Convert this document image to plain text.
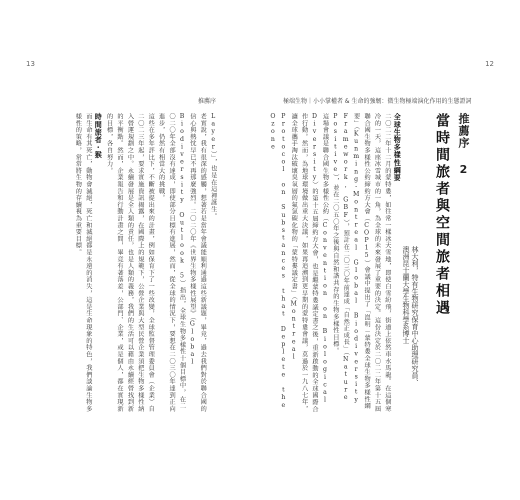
13	12
推薦序	極端生物｜小小掌權者 & 生命的強韌：微生物極端演化作用的生態證詞
推薦序 2
當時間旅者與空間旅者相遇
林大利，特有生物研究保育中心助理研究員、
澳洲昆士蘭大學生物科學系博士
全球生物多樣性綱要
二〇二二年十二月的蒙特婁，如往常一樣冰天雪地，即使白雪紛飛，街道上依然車水馬龍。在這個寒冷的一天，這座冰雪城市的一角，為全球的未來發展了重要的決定。這份決定於二〇二二年第十五屆聯合國生物多樣性公約締約方大會（COP15）會議中提出了「崑明－蒙特婁全球生物多樣性綱要」（Kunming-Montreal Global Biodiversity Framework, GBF），預計在二〇三〇年前達成「自然正成長」（Nature Positive），並在二〇五〇年之後與自然和諧共存的生物多樣性目標。
這場會議是聯合國生物多樣性公約（Convention on Biological Diversity）的第十五屆締約方大會，也是繼蒙特婁議定書之後，重新啟動的全球國際合作行動。然而，為地球環境做出重大決議，如果再追溯到更早期的蒙特婁會議，莫過於一九八七年，讓全球攜手淘汰破壞臭氧層的氟氯碳化物的「蒙特婁議定書」（Montreal Protocol on Substances that Deplete the Ozone
Layer）」，也是在這裡誕生。
老實說，我有很深的感觸，想著若是當年會議能順利通過這些新議題，畢竟，過去我們對於聯合國的信心與熱忱早已不再那麼強烈。二〇二〇年《世界生物多樣性展望》（Global Biodiversity Outlook 5）指出，全球生物多樣性十個目標中，在二〇二〇年全部沒有達成，即使部分目標有進展，然而，從全球的情況下，要想在二〇三〇年達到正向進步，仍然有相當大的挑戰。
這些在多年評比下，不斷被提出來的計畫，例如保育下了一些改變，全球監督管理委員會（企業）自二〇二三年起，要求實施資訊揭露，在國際上的規範下，公營企業與大型民營企業須把生物多樣性納入營運規劃之中。永續發展是全人類的責任，也是人類的義務，我們的生活可以藉由永續經營找到新的平衡點。然而，企業報告和行動計畫之間，畢竟有著落差，公部門、企業，或是個人，都在實現新的目標，各自努力。
時間旅者・猴
而生命有其死亡，動物會滅絕，死亡和滅絕都是永遠的消失，這是生命現象的特色，我們談論生物多樣性的策略，常常將生物的存續視為重要目標。
